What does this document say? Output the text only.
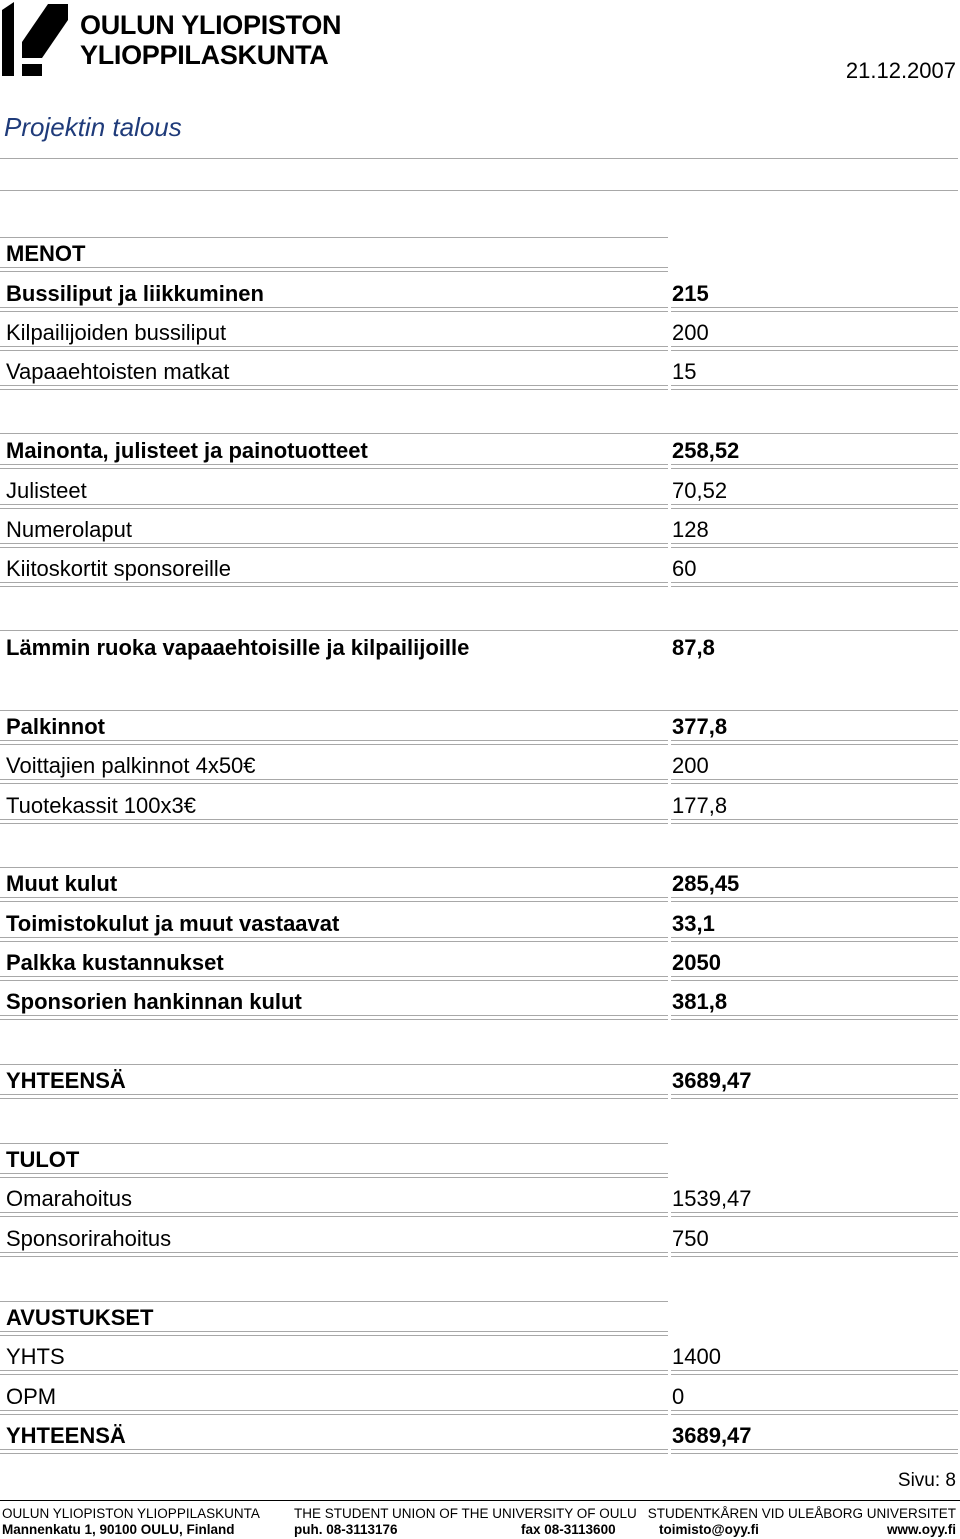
OULUN YLIOPISTON
YLIOPPILASKUNTA
21.12.2007
Projektin talous
MENOT
Bussiliput ja liikkuminen	215
Kilpailijoiden bussiliput	200
Vapaaehtoisten matkat	15
Mainonta, julisteet ja painotuotteet	258,52
Julisteet	70,52
Numerolaput	128
Kiitoskortit sponsoreille	60
Lämmin ruoka vapaaehtoisille ja kilpailijoille	87,8
Palkinnot	377,8
Voittajien palkinnot 4x50€	200
Tuotekassit 100x3€	177,8
Muut kulut	285,45
Toimistokulut ja muut vastaavat	33,1
Palkka kustannukset	2050
Sponsorien hankinnan kulut	381,8
YHTEENSÄ	3689,47
TULOT
Omarahoitus	1539,47
Sponsorirahoitus	750
AVUSTUKSET
YHTS	1400
OPM	0
YHTEENSÄ	3689,47
Sivu: 8
OULUN YLIOPISTON YLIOPPILASKUNTA	THE STUDENT UNION OF THE UNIVERSITY OF OULU STUDENTKÅREN VID ULEÅBORG UNIVERSITET
Mannenkatu 1, 90100 OULU, Finland	puh. 08-3113176	fax 08-3113600	toimisto@oyy.fi	www.oyy.fi
